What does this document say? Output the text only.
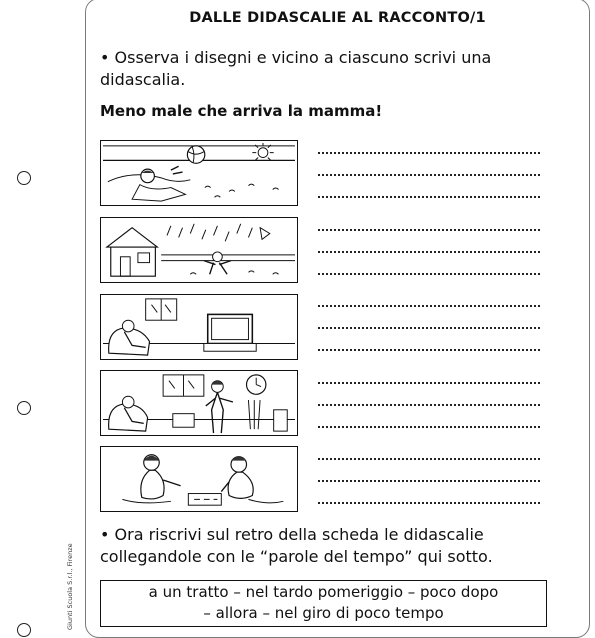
Giunti Scuola S.r.l., Firenze
DALLE DIDASCALIE AL RACCONTO/1
• Osserva i disegni e vicino a ciascuno scrivi una didascalia.
Meno male che arriva la mamma!
• Ora riscrivi sul retro della scheda le didascalie collegandole con le “parole del tempo” qui sotto.
a un tratto – nel tardo pomeriggio – poco dopo
– allora – nel giro di poco tempo
